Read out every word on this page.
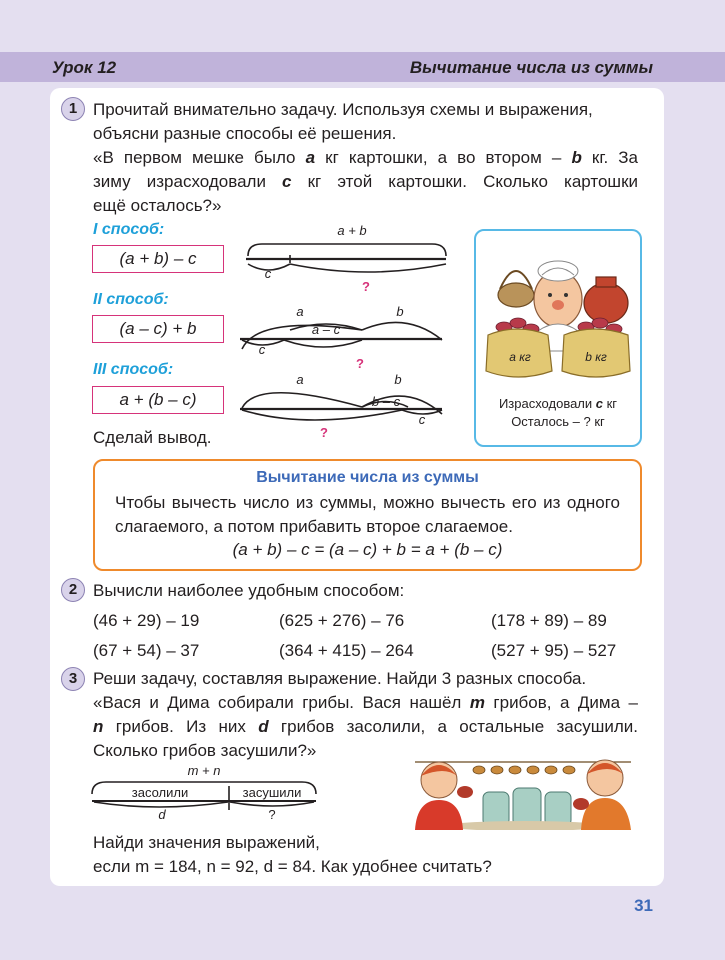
Урок 12	Вычитание числа из суммы
1 Прочитай внимательно задачу. Используя схемы и выражения,
объясни разные способы её решения.
«В первом мешке было a кг картошки, а во втором – b кг. За
зиму израсходовали c кг этой картошки. Сколько картошки
ещё осталось?»
I способ:
(a + b) – c
II способ:
(a – c) + b
III способ:
a + (b – c)
a + b
c
a	b
a – c
c
a	b
b – c
c
?
?
?
a кг	b кг
Израсходовали c кг
Осталось – ? кг
Сделай вывод.
Вычитание числа из суммы
Чтобы вычесть число из суммы, можно вычесть его из одного слагаемого, а потом прибавить второе слагаемое.
(a + b) – c = (a – c) + b = a + (b – c)
2 Вычисли наиболее удобным способом:
(46 + 29) – 19	(625 + 276) – 76	(178 + 89) – 89
(67 + 54) – 37	(364 + 415) – 264	(527 + 95) – 527
3 Реши задачу, составляя выражение. Найди 3 разных способа.
«Вася и Дима собирали грибы. Вася нашёл m грибов, а Дима –
n грибов. Из них d грибов засолили, а остальные засушили.
Сколько грибов засушили?»
m + n
засолили	засушили
d	?
Найди значения выражений,
если m = 184, n = 92, d = 84. Как удобнее считать?
31
